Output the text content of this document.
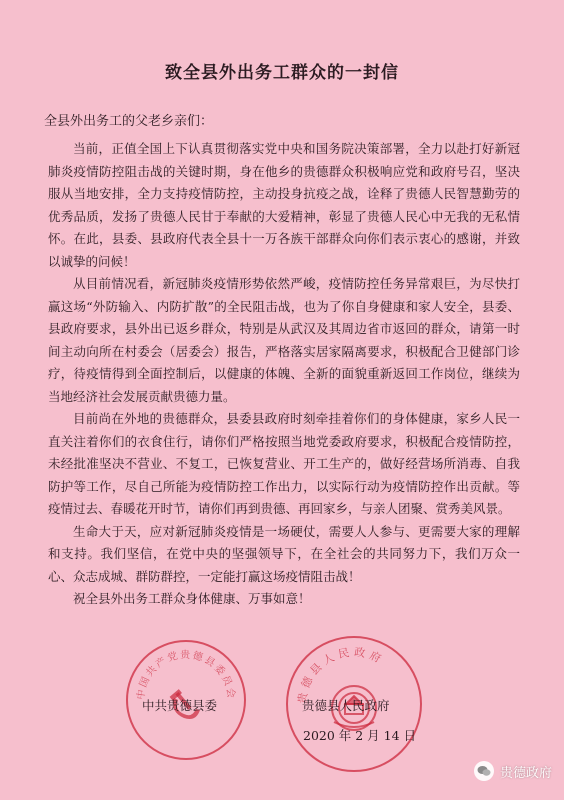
致全县外出务工群众的一封信
全县外出务工的父老乡亲们：

当前，正值全国上下认真贯彻落实党中央和国务院决策部署，全力以赴打好新冠肺炎疫情防控阻击战的关键时期，身在他乡的贵德群众积极响应党和政府号召，坚决服从当地安排，全力支持疫情防控，主动投身抗疫之战，诠释了贵德人民智慧勤劳的优秀品质，发扬了贵德人民甘于奉献的大爱精神，彰显了贵德人民心中无我的无私情怀。在此，县委、县政府代表全县十一万各族干部群众向你们表示衷心的感谢，并致以诚挚的问候！

从目前情况看，新冠肺炎疫情形势依然严峻，疫情防控任务异常艰巨，为尽快打赢这场“外防输入、内防扩散”的全民阻击战，也为了你自身健康和家人安全，县委、县政府要求，县外出已返乡群众，特别是从武汉及其周边省市返回的群众，请第一时间主动向所在村委会（居委会）报告，严格落实居家隔离要求，积极配合卫健部门诊疗，待疫情得到全面控制后，以健康的体魄、全新的面貌重新返回工作岗位，继续为当地经济社会发展贡献贵德力量。

目前尚在外地的贵德群众，县委县政府时刻牵挂着你们的身体健康，家乡人民一直关注着你们的衣食住行，请你们严格按照当地党委政府要求，积极配合疫情防控，未经批准坚决不营业、不复工，已恢复营业、开工生产的，做好经营场所消毒、自我防护等工作，尽自己所能为疫情防控工作出力，以实际行动为疫情防控作出贡献。等疫情过去、春暖花开时节，请你们再到贵德、再回家乡，与亲人团聚、赏秀美风景。

生命大于天，应对新冠肺炎疫情是一场硬仗，需要人人参与、更需要大家的理解和支持。我们坚信，在党中央的坚强领导下，在全社会的共同努力下，我们万众一心、众志成城、群防群控，一定能打赢这场疫情阻击战！

祝全县外出务工群众身体健康、万事如意！

中国共产党贵德县委员会	贵德县人民政府
中共贵德县委	贵德县人民政府
2020 年 2 月 14 日
贵德政府
